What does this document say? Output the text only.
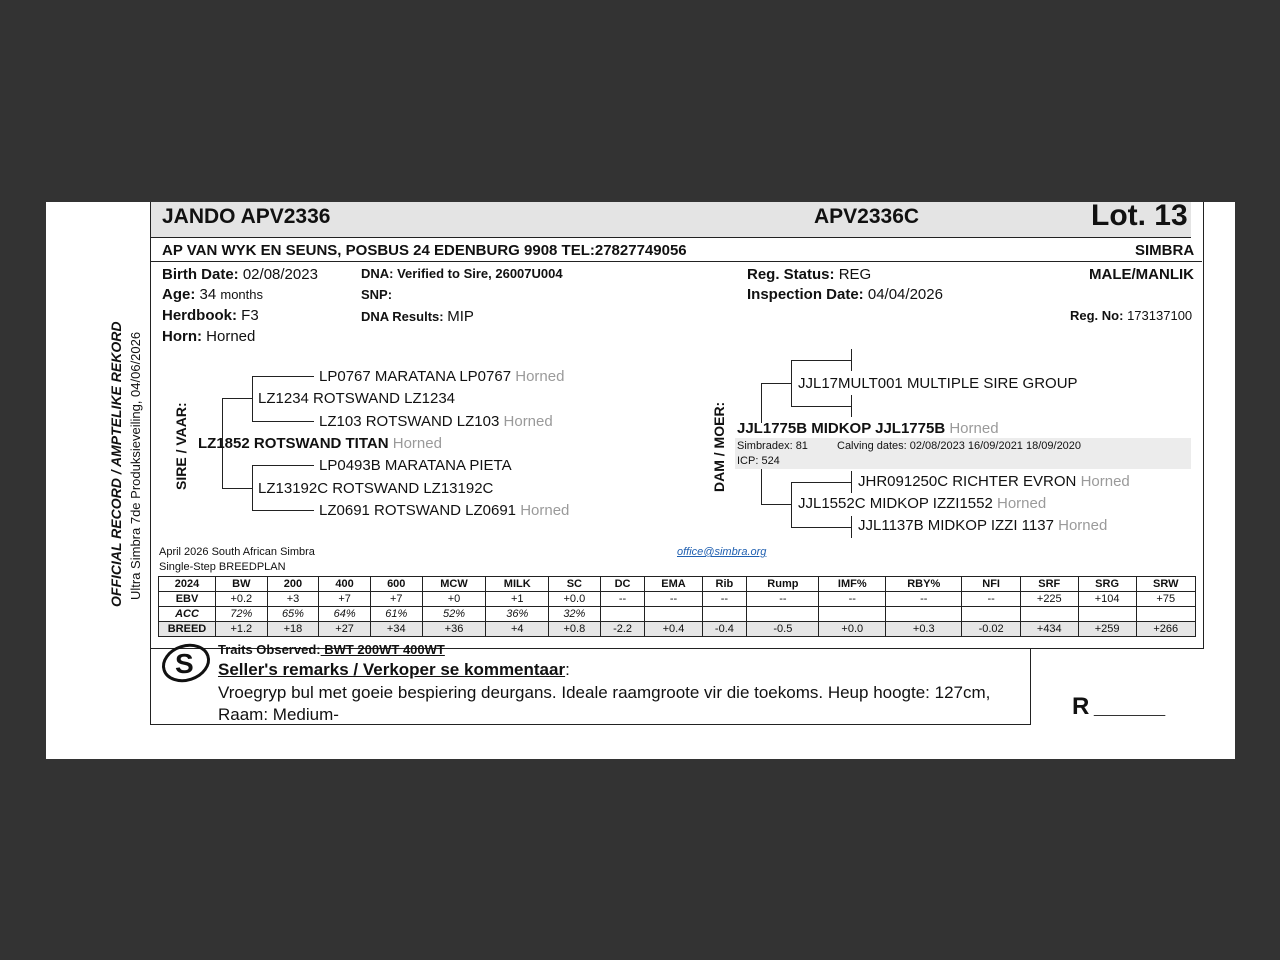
OFFICIAL RECORD / AMPTELIKE REKORD Ultra Simbra 7de Produksieveiling, 04/06/2026
JANDO APV2336	APV2336C	Lot. 13
AP VAN WYK EN SEUNS, POSBUS 24 EDENBURG 9908 TEL:27827749056	SIMBRA
Birth Date: 02/08/2023
Age: 34 months
Herdbook: F3
Horn: Horned
DNA: Verified to Sire, 26007U004
SNP:
DNA Results: MIP
Reg. Status: REG
Inspection Date: 04/04/2026
MALE/MANLIK
Reg. No: 173137100
SIRE / VAAR:
LP0767 MARATANA LP0767 Horned
LZ1234 ROTSWAND LZ1234
LZ103 ROTSWAND LZ103 Horned
LZ1852 ROTSWAND TITAN Horned
LP0493B MARATANA PIETA
LZ13192C ROTSWAND LZ13192C
LZ0691 ROTSWAND LZ0691 Horned
DAM / MOER:
JJL17MULT001 MULTIPLE SIRE GROUP
JJL1775B MIDKOP JJL1775B Horned
Simbradex: 81	Calving dates: 02/08/2023 16/09/2021 18/09/2020
ICP: 524
JHR091250C RICHTER EVRON Horned
JJL1552C MIDKOP IZZI1552 Horned
JJL1137B MIDKOP IZZI 1137 Horned
April 2026 South African Simbra
Single-Step BREEDPLAN
office@simbra.org
2024	BW	200	400	600	MCW	MILK	SC	DC	EMA	Rib	Rump	IMF%	RBY%	NFI	SRF	SRG	SRW
EBV	+0.2	+3	+7	+7	+0	+1	+0.0	--	--	--	--	--	--	--	+225	+104	+75
ACC	72%	65%	64%	61%	52%	36%	32%										
BREED	+1.2	+18	+27	+34	+36	+4	+0.8	-2.2	+0.4	-0.4	-0.5	+0.0	+0.3	-0.02	+434	+259	+266
S Traits Observed: BWT 200WT 400WT
Seller's remarks / Verkoper se kommentaar:
Vroegryp bul met goeie bespiering deurgans. Ideale raamgroote vir die toekoms. Heup hoogte: 127cm,
Raam: Medium-	R ________
